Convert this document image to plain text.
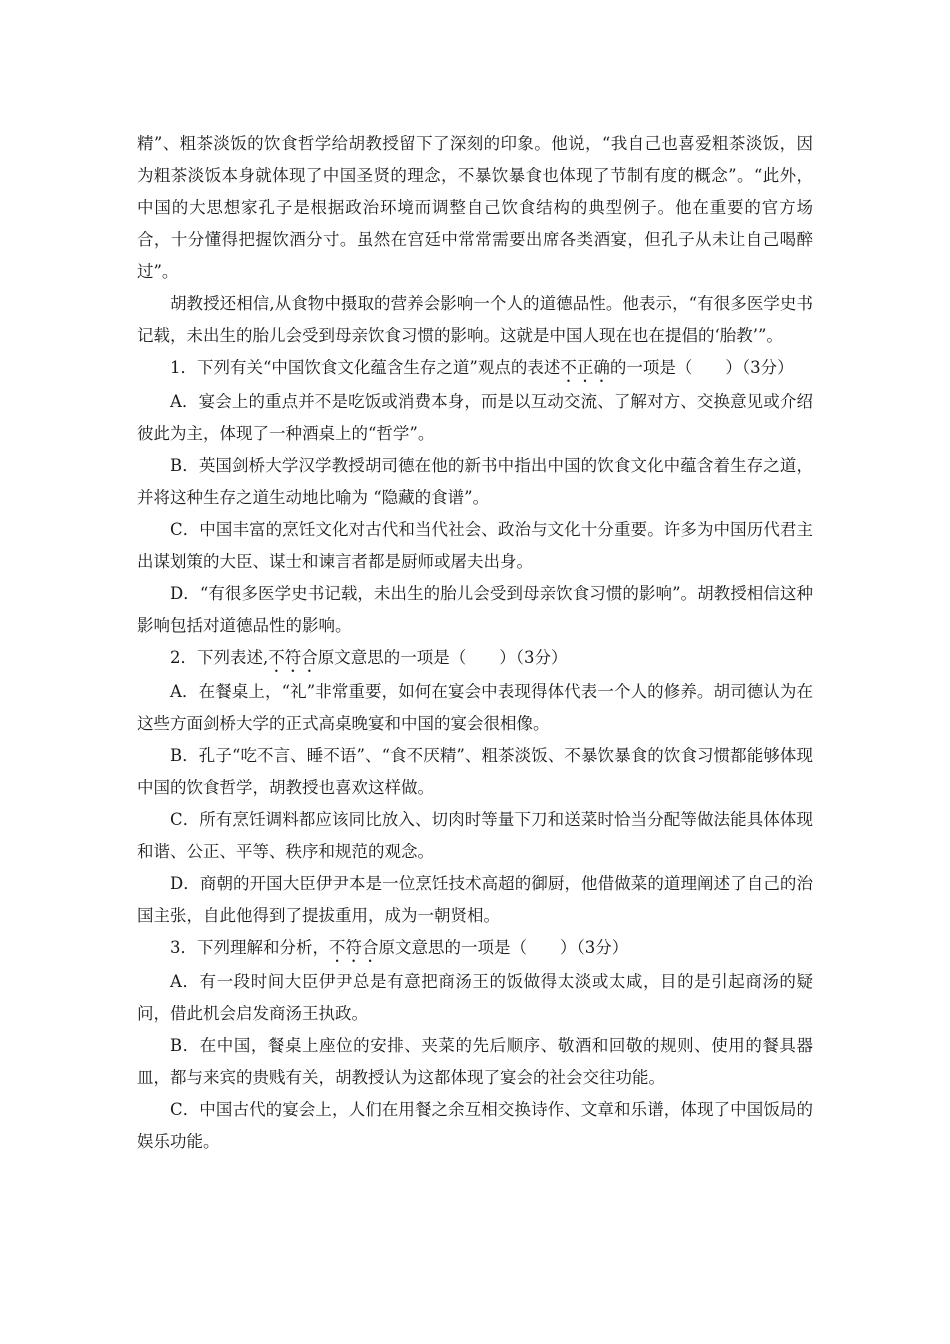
精”、粗茶淡饭的饮食哲学给胡教授留下了深刻的印象。他说，“我自己也喜爱粗茶淡饭，因为粗茶淡饭本身就体现了中国圣贤的理念，不暴饮暴食也体现了节制有度的概念”。“此外，中国的大思想家孔子是根据政治环境而调整自己饮食结构的典型例子。他在重要的官方场合，十分懂得把握饮酒分寸。虽然在宫廷中常常需要出席各类酒宴，但孔子从未让自己喝醉过”。

胡教授还相信,从食物中摄取的营养会影响一个人的道德品性。他表示，“有很多医学史书记载，未出生的胎儿会受到母亲饮食习惯的影响。这就是中国人现在也在提倡的‘胎教’”。

1．下列有关“中国饮食文化蕴含生存之道”观点的表述不正确的一项是（　　）（3分）

A．宴会上的重点并不是吃饭或消费本身，而是以互动交流、了解对方、交换意见或介绍彼此为主，体现了一种酒桌上的“哲学”。

B．英国剑桥大学汉学教授胡司德在他的新书中指出中国的饮食文化中蕴含着生存之道，并将这种生存之道生动地比喻为 “隐藏的食谱”。

C．中国丰富的烹饪文化对古代和当代社会、政治与文化十分重要。许多为中国历代君主出谋划策的大臣、谋士和谏言者都是厨师或屠夫出身。

D．“有很多医学史书记载，未出生的胎儿会受到母亲饮食习惯的影响”。胡教授相信这种影响包括对道德品性的影响。

2．下列表述,不符合原文意思的一项是（　　）（3分）

A．在餐桌上，“礼”非常重要，如何在宴会中表现得体代表一个人的修养。胡司德认为在这些方面剑桥大学的正式高桌晚宴和中国的宴会很相像。

B．孔子“吃不言、睡不语”、“食不厌精”、粗茶淡饭、不暴饮暴食的饮食习惯都能够体现中国的饮食哲学，胡教授也喜欢这样做。

C．所有烹饪调料都应该同比放入、切肉时等量下刀和送菜时恰当分配等做法能具体体现和谐、公正、平等、秩序和规范的观念。

D．商朝的开国大臣伊尹本是一位烹饪技术高超的御厨，他借做菜的道理阐述了自己的治国主张，自此他得到了提拔重用，成为一朝贤相。

3．下列理解和分析，不符合原文意思的一项是（　　）（3分）

A．有一段时间大臣伊尹总是有意把商汤王的饭做得太淡或太咸，目的是引起商汤的疑问，借此机会启发商汤王执政。

B．在中国，餐桌上座位的安排、夹菜的先后顺序、敬酒和回敬的规则、使用的餐具器皿，都与来宾的贵贱有关，胡教授认为这都体现了宴会的社会交往功能。

C．中国古代的宴会上，人们在用餐之余互相交换诗作、文章和乐谱，体现了中国饭局的娱乐功能。
